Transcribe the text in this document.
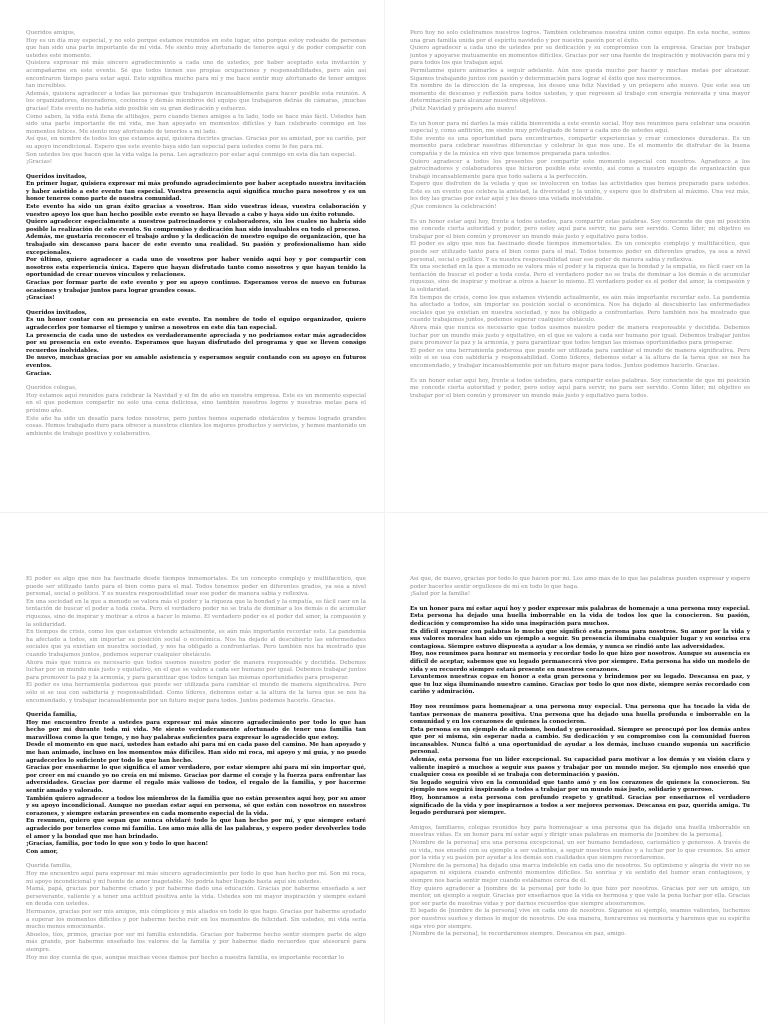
Queridos amigos,

Hoy es un día muy especial, y no solo porque estamos reunidos en este lugar, sino porque estoy rodeado de personas que han sido una parte importante de mi vida. Me siento muy afortunado de teneros aquí y de poder compartir con ustedes este momento.

Quisiera expresar mi más sincero agradecimiento a cada uno de ustedes, por haber aceptado esta invitación y acompañarme en este evento. Sé que todos tienen sus propias ocupaciones y responsabilidades, pero aún así encontraron tiempo para estar aquí. Esto significa mucho para mí y me hace sentir muy afortunado de tener amigos tan increíbles.

Además, quisiera agradecer a todas las personas que trabajaron incansablemente para hacer posible esta reunión. A los organizadores, decoradores, cocineros y demás miembros del equipo que trabajaron detrás de cámaras, ¡muchas gracias! Este evento no habría sido posible sin su gran dedicación y esfuerzo.

Como saben, la vida está llena de altibajos, pero cuando tienes amigos a tu lado, todo se hace más fácil. Ustedes han sido una parte importante de mi vida, me han apoyado en momentos difíciles y han celebrado conmigo en los momentos felices. Me siento muy afortunado de tenerlos a mi lado.

Así que, en nombre de todos los que estamos aquí, quisiera decirles gracias. Gracias por su amistad, por su cariño, por su apoyo incondicional. Espero que este evento haya sido tan especial para ustedes como lo fue para mí.

Son ustedes los que hacen que la vida valga la pena. Les agradezco por estar aquí conmigo en esta día tan especial.

¡Gracias!

Queridos invitados,

En primer lugar, quisiera expresar mi más profundo agradecimiento por haber aceptado nuestra invitación y haber asistido a este evento tan especial. Vuestra presencia aquí significa mucho para nosotros y es un honor teneros como parte de nuestra comunidad.

Este evento ha sido un gran éxito gracias a vosotros. Han sido vuestras ideas, vuestra colaboración y vuestro apoyo los que han hecho posible este evento se haya llevado a cabo y haya sido un éxito rotundo.

Quiero agradecer especialmente a nuestros patrocinadores y colaboradores, sin los cuales no habría sido posible la realización de este evento. Su compromiso y dedicación han sido invaluables en todo el proceso.

Además, me gustaría reconocer el trabajo arduo y la dedicación de nuestro equipo de organización, que ha trabajado sin descanso para hacer de este evento una realidad. Su pasión y profesionalismo han sido excepcionales.

Por último, quiero agradecer a cada uno de vosotros por haber venido aquí hoy y por compartir con nosotros esta experiencia única. Espero que hayan disfrutado tanto como nosotros y que hayan tenido la oportunidad de crear nuevos vínculos y relaciones.

Gracias por formar parte de este evento y por su apoyo continuo. Esperamos veros de nuevo en futuras ocasiones y trabajar juntos para lograr grandes cosas.

¡Gracias!

Queridos invitados,

Es un honor contar con su presencia en este evento. En nombre de todo el equipo organizador, quiero agradecerles por tomarse el tiempo y unirse a nosotros en este día tan especial.

La presencia de cada uno de ustedes es verdaderamente apreciada y no podríamos estar más agradecidos por su presencia en este evento. Esperamos que hayan disfrutado del programa y que se lleven consigo recuerdos inolvidables.

De nuevo, muchas gracias por su amable asistencia y esperamos seguir contando con su apoyo en futuros eventos.

Gracias.

Queridos colegas,

Hoy estamos aquí reunidos para celebrar la Navidad y el fin de año en nuestra empresa. Este es un momento especial en el que podemos compartir no solo una cena deliciosa, sino también nuestros logros y nuestras metas para el próximo año.

Este año ha sido un desafío para todos nosotros, pero juntos hemos superado obstáculos y hemos logrado grandes cosas. Hemos trabajado duro para ofrecer a nuestros clientes los mejores productos y servicios, y hemos mantenido un ambiente de trabajo positivo y colaborativo.

Pero hoy no solo celebramos nuestros logros. También celebramos nuestra unión como equipo. En esta noche, somos una gran familia unida por el espíritu navideño y por nuestra pasión por el éxito.

Quiero agradecer a cada uno de ustedes por su dedicación y su compromiso con la empresa. Gracias por trabajar juntos y apoyarse mutuamente en momentos difíciles. Gracias por ser una fuente de inspiración y motivación para mí y para todos los que trabajan aquí.

Permítanme quiero animarles a seguir adelante. Aún nos queda mucho por hacer y muchas metas por alcanzar. Sigamos trabajando juntos con pasión y determinación para lograr el éxito que nos merecemos.

En nombre de la dirección de la empresa, les deseo una feliz Navidad y un próspero año nuevo. Que este sea un momento de descanso y reflexión para todos ustedes, y que regresen al trabajo con energía renovada y una mayor determinación para alcanzar nuestros objetivos.

¡Feliz Navidad y próspero año nuevo!

Es un honor para mí darles la más cálida bienvenida a este evento social. Hoy nos reunimos para celebrar una ocasión especial y, como anfitrión, me siento muy privilegiado de tener a cada uno de ustedes aquí.

Este evento es una oportunidad para encontrarnos, compartir experiencias y crear conexiones duraderas. Es un momento para celebrar nuestras diferencias y celebrar lo que nos une. Es el momento de disfrutar de la buena compañía y de la música en vivo que tenemos preparada para ustedes.

Quiero agradecer a todos los presentes por compartir este momento especial con nosotros. Agradezco a los patrocinadores y colaboradores que hicieron posible este evento, así como a nuestro equipo de organización que trabajó incansablemente para que todo saliera a la perfección.

Espero que disfruten de la velada y que se involucren en todas las actividades que hemos preparado para ustedes. Este es un evento que celebra la amistad, la diversidad y la unión, y espero que lo disfruten al máximo. Una vez más, les doy las gracias por estar aquí y les deseo una velada inolvidable.

¡Que comience la celebración!

Es un honor estar aquí hoy, frente a todos ustedes, para compartir estas palabras. Soy consciente de que mi posición me concede cierta autoridad y poder, pero estoy aquí para servir, no para ser servido. Como líder, mi objetivo es trabajar por el bien común y promover un mundo más justo y equitativo para todos.

El poder es algo que nos ha fascinado desde tiempos inmemoriales. Es un concepto complejo y multifacético, que puede ser utilizado tanto para el bien como para el mal. Todos tenemos poder en diferentes grados, ya sea a nivel personal, social o político. Y es nuestra responsabilidad usar ese poder de manera sabia y reflexiva.

En una sociedad en la que a menudo se valora más el poder y la riqueza que la bondad y la empatía, es fácil caer en la tentación de buscar el poder a toda costa. Pero el verdadero poder no se trata de dominar a los demás o de acumular riquezas, sino de inspirar y motivar a otros a hacer lo mismo. El verdadero poder es el poder del amor, la compasión y la solidaridad.

En tiempos de crisis, como los que estamos viviendo actualmente, es aún más importante recordar esto. La pandemia ha afectado a todos, sin importar su posición social o económica. Nos ha dejado al descubierto las enfermedades sociales que ya existían en nuestra sociedad, y nos ha obligado a confrontarlas. Pero también nos ha mostrado que cuando trabajamos juntos, podemos superar cualquier obstáculo.

Ahora más que nunca es necesario que todos usemos nuestro poder de manera responsable y decidida. Debemos luchar por un mundo más justo y equitativo, en el que se valore a cada ser humano por igual. Debemos trabajar juntos para promover la paz y la armonía, y para garantizar que todos tengan las mismas oportunidades para prosperar.

El poder es una herramienta poderosa que puede ser utilizada para cambiar el mundo de manera significativa. Pero sólo si se usa con sabiduría y responsabilidad. Como líderes, debemos estar a la altura de la tarea que se nos ha encomendado, y trabajar incansablemente por un futuro mejor para todos. Juntos podemos hacerlo. Gracias.

Es un honor estar aquí hoy, frente a todos ustedes, para compartir estas palabras. Soy consciente de que mi posición me concede cierta autoridad y poder, pero estoy aquí para servir, no para ser servido. Como líder, mi objetivo es trabajar por el bien común y promover un mundo más justo y equitativo para todos.

El poder es algo que nos ha fascinado desde tiempos inmemoriales. Es un concepto complejo y multifacético, que puede ser utilizado tanto para el bien como para el mal. Todos tenemos poder en diferentes grados, ya sea a nivel personal, social o político. Y es nuestra responsabilidad usar ese poder de manera sabia y reflexiva.

En una sociedad en la que a menudo se valora más el poder y la riqueza que la bondad y la empatía, es fácil caer en la tentación de buscar el poder a toda costa. Pero el verdadero poder no se trata de dominar a los demás o de acumular riquezas, sino de inspirar y motivar a otros a hacer lo mismo. El verdadero poder es el poder del amor, la compasión y la solidaridad.

En tiempos de crisis, como los que estamos viviendo actualmente, es aún más importante recordar esto. La pandemia ha afectado a todos, sin importar su posición social o económica. Nos ha dejado al descubierto las enfermedades sociales que ya existían en nuestra sociedad, y nos ha obligado a confrontarlas. Pero también nos ha mostrado que cuando trabajamos juntos, podemos superar cualquier obstáculo.

Ahora más que nunca es necesario que todos usemos nuestro poder de manera responsable y decidida. Debemos luchar por un mundo más justo y equitativo, en el que se valore a cada ser humano por igual. Debemos trabajar juntos para promover la paz y la armonía, y para garantizar que todos tengan las mismas oportunidades para prosperar.

El poder es una herramienta poderosa que puede ser utilizada para cambiar el mundo de manera significativa. Pero sólo si se usa con sabiduría y responsabilidad. Como líderes, debemos estar a la altura de la tarea que se nos ha encomendado, y trabajar incansablemente por un futuro mejor para todos. Juntos podemos hacerlo. Gracias.

Querida familia,

Hoy me encuentro frente a ustedes para expresar mi más sincero agradecimiento por todo lo que han hecho por mí durante toda mi vida. Me siento verdaderamente afortunado de tener una familia tan maravillosa como la que tengo, y no hay palabras suficientes para expresar lo agradecido que estoy.

Desde el momento en que nací, ustedes han estado ahí para mí en cada paso del camino. Me han apoyado y me han animado, incluso en los momentos más difíciles. Han sido mi roca, mi apoyo y mi guía, y no puedo agradecerles lo suficiente por todo lo que han hecho.

Gracias por enseñarme lo que significa el amor verdadero, por estar siempre ahí para mí sin importar qué, por creer en mí cuando yo no creía en mí mismo. Gracias por darme el coraje y la fuerza para enfrentar las adversidades. Gracias por darme el regalo más valioso de todos, el regalo de la familia, y por hacerme sentir amado y valorado.

También quiero agradecer a todos los miembros de la familia que no están presentes aquí hoy, por su amor y su apoyo incondicional. Aunque no puedan estar aquí en persona, sé que están con nosotros en nuestros corazones, y siempre estarán presentes en cada momento especial de la vida.

En resumen, quiero que sepan que nunca olvidaré todo lo que han hecho por mí, y que siempre estaré agradecido por tenerlos como mi familia. Los amo más allá de las palabras, y espero poder devolverles todo el amor y la bondad que me han brindado.

¡Gracias, familia, por todo lo que son y todo lo que hacen!

Con amor,

Querida familia,

Hoy me encuentro aquí para expresar mi más sincero agradecimiento por todo lo que han hecho por mí. Son mi roca, mi apoyo incondicional y mi fuente de amor inagotable. No podría haber llegado hasta aquí sin ustedes.

Mamá, papá, gracias por haberme criado y por haberme dado una educación. Gracias por haberme enseñado a ser perseverante, valiente y a tener una actitud positiva ante la vida. Ustedes son mi mayor inspiración y siempre estaré en deuda con ustedes.

Hermanos, gracias por ser mis amigos, mis cómplices y mis aliados en todo lo que hago. Gracias por haberme ayudado a superar los momentos difíciles y por haberme hecho reír en los momentos de felicidad. Sin ustedes, mi vida sería mucho menos emocionante.

Abuelos, tíos, primos, gracias por ser mi familia extendida. Gracias por haberme hecho sentir siempre parte de algo más grande, por haberme enseñado los valores de la familia y por haberme dado recuerdos que atesoraré para siempre.

Hoy me doy cuenta de que, aunque muchas veces damos por hecho a nuestra familia, es importante recordar lo

Así que, de nuevo, gracias por todo lo que hacen por mí. Los amo más de lo que las palabras pueden expresar y espero poder hacerles sentir orgullosos de mí en todo lo que haga.

¡Salud por la familia!

Es un honor para mí estar aquí hoy y poder expresar mis palabras de homenaje a una persona muy especial. Esta persona ha dejado una huella imborrable en la vida de todos los que la conocieron. Su pasión, dedicación y compromiso ha sido una inspiración para muchos.

Es difícil expresar con palabras lo mucho que significó esta persona para nosotros. Su amor por la vida y sus valores morales han sido un ejemplo a seguir. Su presencia iluminaba cualquier lugar y su sonrisa era contagiosa. Siempre estuvo dispuesta a ayudar a los demás, y nunca se rindió ante las adversidades.

Hoy, nos reunimos para honrar su memoria y recordar todo lo que hizo por nosotros. Aunque su ausencia es difícil de aceptar, sabemos que su legado permanecerá vivo por siempre. Esta persona ha sido un modelo de vida y su recuerdo siempre estará presente en nuestros corazones.

Levantemos nuestras copas en honor a esta gran persona y brindemos por su legado. Descansa en paz, y que tu luz siga iluminando nuestro camino. Gracias por todo lo que nos diste, siempre serás recordado con cariño y admiración.

Hoy nos reunimos para homenajear a una persona muy especial. Una persona que ha tocado la vida de tantas personas de manera positiva. Una persona que ha dejado una huella profunda e imborrable en la comunidad y en los corazones de quienes la conocieron.

Esta persona es un ejemplo de altruismo, bondad y generosidad. Siempre se preocupó por los demás antes que por sí misma, sin esperar nada a cambio. Su dedicación y su compromiso con la comunidad fueron incansables. Nunca faltó a una oportunidad de ayudar a los demás, incluso cuando suponía un sacrificio personal.

Además, esta persona fue un líder excepcional. Su capacidad para motivar a los demás y su visión clara y valiente inspiró a muchos a seguir sus pasos y trabajar por un mundo mejor. Su ejemplo nos enseñó que cualquier cosa es posible si se trabaja con determinación y pasión.

Su legado seguirá vivo en la comunidad que tanto amó y en los corazones de quienes la conocieron. Su ejemplo nos seguirá inspirando a todos a trabajar por un mundo más justo, solidario y generoso.

Hoy, honramos a esta persona con profundo respeto y gratitud. Gracias por enseñarnos el verdadero significado de la vida y por inspirarnos a todos a ser mejores personas. Descansa en paz, querida amiga. Tu legado perdurará por siempre.

Amigos, familiares, colegas reunidos hoy para homenajear a una persona que ha dejado una huella imborrable en nuestras vidas. Es un honor para mí estar aquí y dirigir unas palabras en memoria de [nombre de la persona].

[Nombre de la persona] era una persona excepcional, un ser humano bondadoso, carismático y generoso. A través de su vida, nos enseñó con su ejemplo a ser valientes, a seguir nuestros sueños y a luchar por lo que creemos. Su amor por la vida y su pasión por ayudar a los demás son cualidades que siempre recordaremos.

[Nombre de la persona] ha dejado una marca indeleble en cada uno de nosotros. Su optimismo y alegría de vivir no se apagaron ni siquiera cuando enfrentó momentos difíciles. Su sonrisa y su sentido del humor eran contagiosos, y siempre nos hacía sentir mejor cuando estábamos cerca de él.

Hoy quiero agradecer a [nombre de la persona] por todo lo que hizo por nosotros. Gracias por ser un amigo, un mentor, un ejemplo a seguir. Gracias por enseñarnos que la vida es hermosa y que vale la pena luchar por ella. Gracias por ser parte de nuestras vidas y por darnos recuerdos que siempre atesoraremos.

El legado de [nombre de la persona] vive en cada uno de nosotros. Sigamos su ejemplo, seamos valientes, luchemos por nuestros sueños y demos lo mejor de nosotros. De esa manera, honraremos su memoria y haremos que su espíritu siga vivo por siempre.

[Nombre de la persona], te recordaremos siempre. Descansa en paz, amigo.
